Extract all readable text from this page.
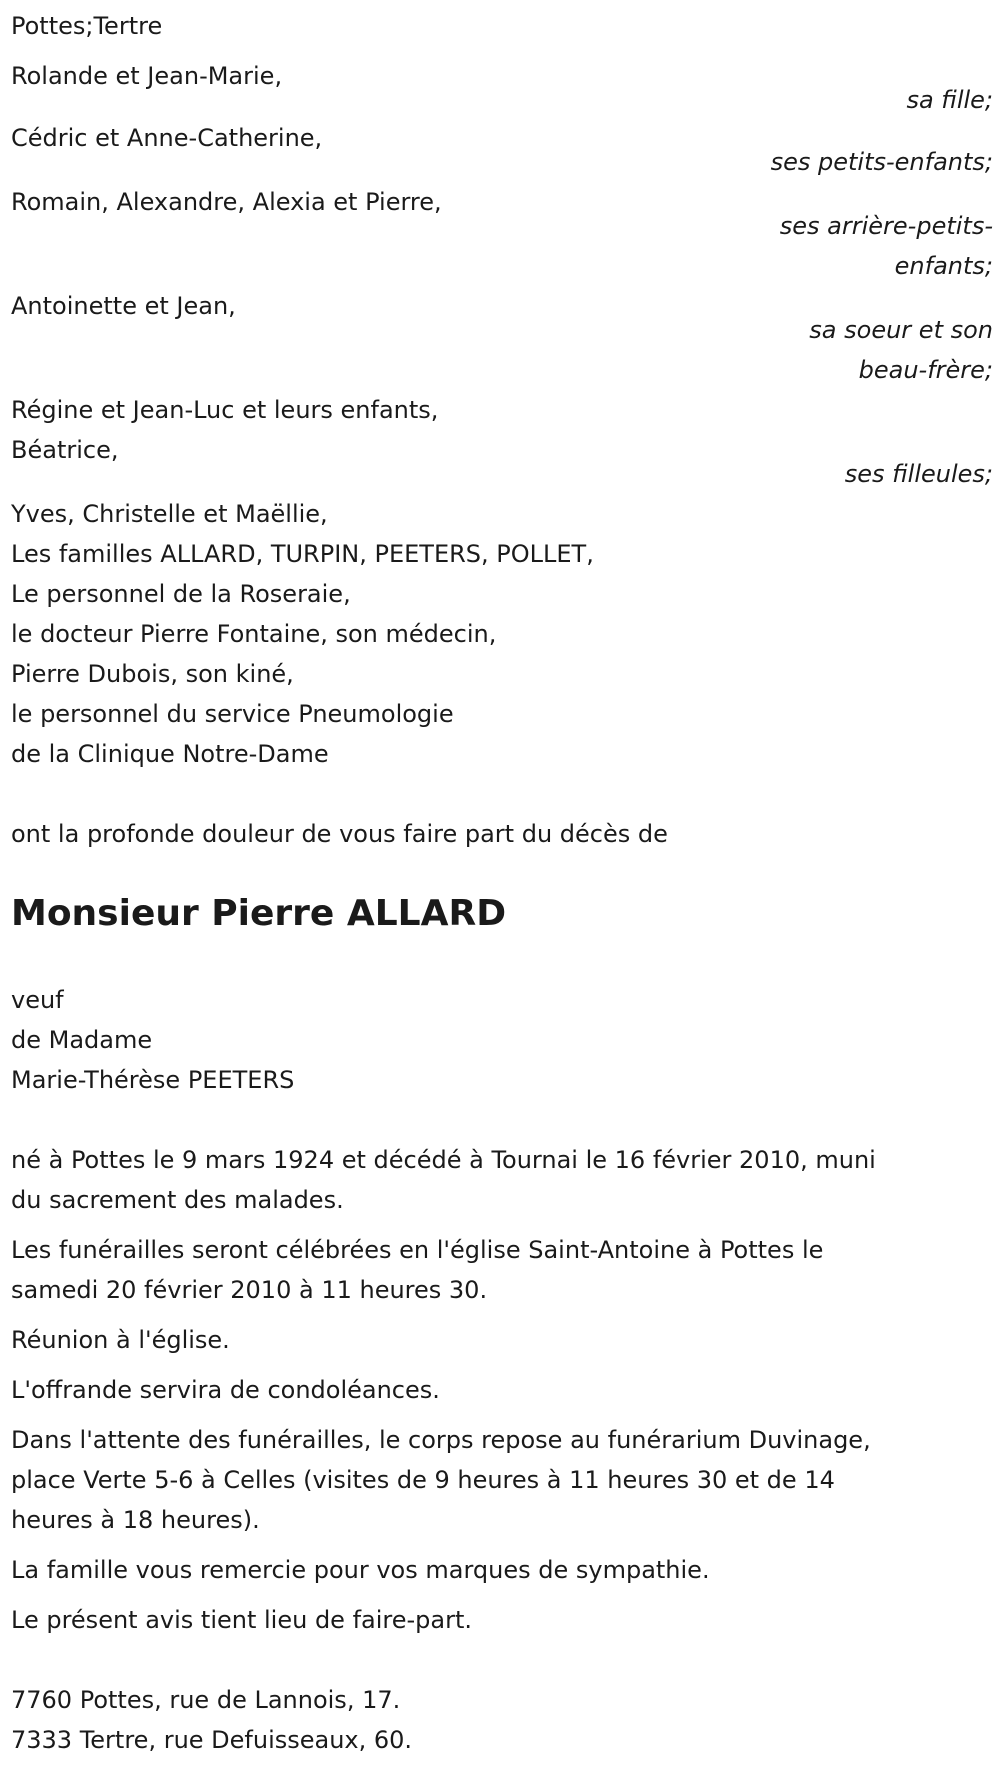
Pottes;Tertre
Rolande et Jean-Marie,
sa fille;
Cédric et Anne-Catherine,
ses petits-enfants;
Romain, Alexandre, Alexia et Pierre,
ses arrière-petits-
enfants;
Antoinette et Jean,
sa soeur et son
beau-frère;
Régine et Jean-Luc et leurs enfants,
Béatrice,
ses filleules;
Yves, Christelle et Maëllie,
Les familles ALLARD, TURPIN, PEETERS, POLLET,
Le personnel de la Roseraie,
le docteur Pierre Fontaine, son médecin,
Pierre Dubois, son kiné,
le personnel du service Pneumologie
de la Clinique Notre-Dame
ont la profonde douleur de vous faire part du décès de
Monsieur Pierre ALLARD
veuf
de Madame
Marie-Thérèse PEETERS
né à Pottes le 9 mars 1924 et décédé à Tournai le 16 février 2010, muni
du sacrement des malades.
Les funérailles seront célébrées en l'église Saint-Antoine à Pottes le
samedi 20 février 2010 à 11 heures 30.
Réunion à l'église.
L'offrande servira de condoléances.
Dans l'attente des funérailles, le corps repose au funérarium Duvinage,
place Verte 5-6 à Celles (visites de 9 heures à 11 heures 30 et de 14
heures à 18 heures).
La famille vous remercie pour vos marques de sympathie.
Le présent avis tient lieu de faire-part.
7760 Pottes, rue de Lannois, 17.
7333 Tertre, rue Defuisseaux, 60.
